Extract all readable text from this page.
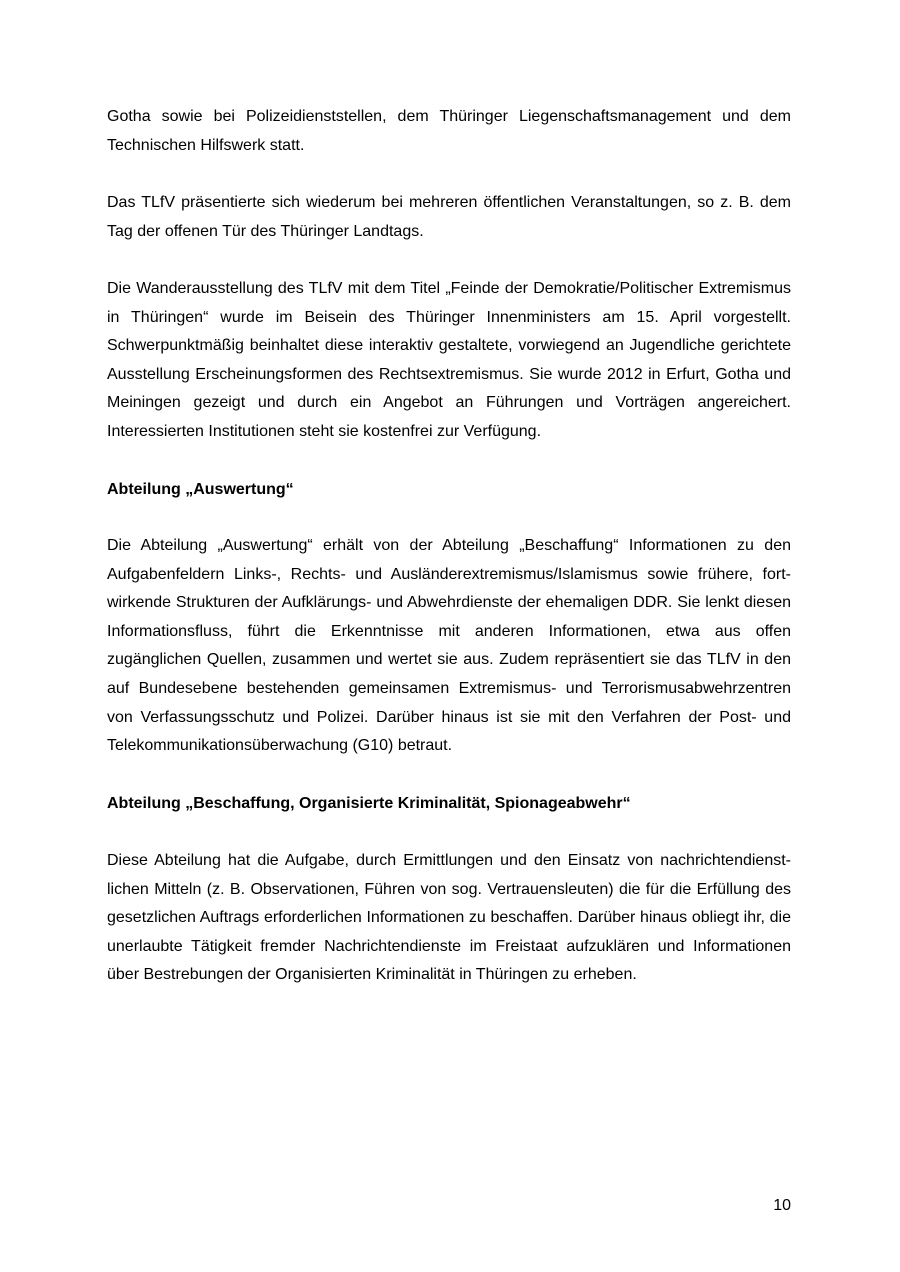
Gotha sowie bei Polizeidienststellen, dem Thüringer Liegenschaftsmanagement und dem Technischen Hilfswerk statt.

Das TLfV präsentierte sich wiederum bei mehreren öffentlichen Veranstaltungen, so z. B. dem Tag der offenen Tür des Thüringer Landtags.

Die Wanderausstellung des TLfV mit dem Titel „Feinde der Demokratie/Politischer Extremismus in Thüringen“ wurde im Beisein des Thüringer Innenministers am 15. April vorgestellt. Schwerpunktmäßig beinhaltet diese interaktiv gestaltete, vorwiegend an Jugendliche gerichtete Ausstellung Erscheinungsformen des Rechtsextremismus. Sie wurde 2012 in Erfurt, Gotha und Meiningen gezeigt und durch ein Angebot an Führungen und Vorträgen angereichert. Interessierten Institutionen steht sie kostenfrei zur Verfügung.

Abteilung „Auswertung“

Die Abteilung „Auswertung“ erhält von der Abteilung „Beschaffung“ Informationen zu den Aufgabenfeldern Links-, Rechts- und Ausländerextremismus/Islamismus sowie frühere, fortwirkende Strukturen der Aufklärungs- und Abwehrdienste der ehemaligen DDR. Sie lenkt diesen Informationsfluss, führt die Erkenntnisse mit anderen Informationen, etwa aus offen zugänglichen Quellen, zusammen und wertet sie aus. Zudem repräsentiert sie das TLfV in den auf Bundesebene bestehenden gemeinsamen Extremismus- und Terrorismusabwehrzentren von Verfassungsschutz und Polizei. Darüber hinaus ist sie mit den Verfahren der Post- und Telekommunikationsüberwachung (G10) betraut.

Abteilung „Beschaffung, Organisierte Kriminalität, Spionageabwehr“

Diese Abteilung hat die Aufgabe, durch Ermittlungen und den Einsatz von nachrichtendienstlichen Mitteln (z. B. Observationen, Führen von sog. Vertrauensleuten) die für die Erfüllung des gesetzlichen Auftrags erforderlichen Informationen zu beschaffen. Darüber hinaus obliegt ihr, die unerlaubte Tätigkeit fremder Nachrichtendienste im Freistaat aufzuklären und Informationen über Bestrebungen der Organisierten Kriminalität in Thüringen zu erheben.

10
